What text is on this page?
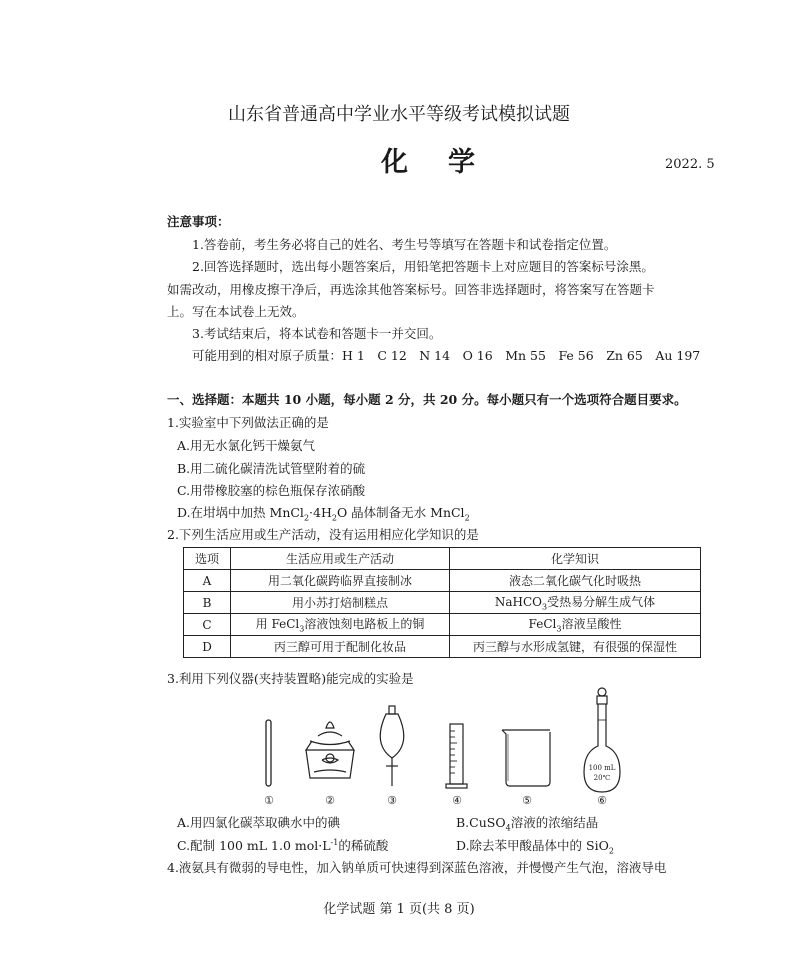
山东省普通高中学业水平等级考试模拟试题
化学	2022. 5
注意事项：
1.答卷前，考生务必将自己的姓名、考生号等填写在答题卡和试卷指定位置。
2.回答选择题时，选出每小题答案后，用铅笔把答题卡上对应题目的答案标号涂黑。
如需改动，用橡皮擦干净后，再选涂其他答案标号。回答非选择题时，将答案写在答题卡
上。写在本试卷上无效。
3.考试结束后，将本试卷和答题卡一并交回。
可能用到的相对原子质量：H 1　C 12　N 14　O 16　Mn 55　Fe 56　Zn 65　Au 197
一、选择题：本题共 10 小题，每小题 2 分，共 20 分。每小题只有一个选项符合题目要求。
1.实验室中下列做法正确的是
A.用无水氯化钙干燥氨气
B.用二硫化碳清洗试管壁附着的硫
C.用带橡胶塞的棕色瓶保存浓硝酸
D.在坩埚中加热 $MnCl_2\cdot 4H_2O$ 晶体制备无水 MnCl$_2$
2.下列生活应用或生产活动，没有运用相应化学知识的是
选项	生活应用或生产活动	化学知识
A	用二氧化碳跨临界直接制冰	液态二氧化碳气化时吸热
B	用小苏打焙制糕点	NaHCO$_3$受热易分解生成气体
C	用 FeCl$_3$溶液蚀刻电路板上的铜	FeCl$_3$溶液呈酸性
D	丙三醇可用于配制化妆品	丙三醇与水形成氢键，有很强的保湿性
3.利用下列仪器(夹持装置略)能完成的实验是
100 mL
20℃
①	②	③	④	⑤	⑥
A.用四氯化碳萃取碘水中的碘	B.CuSO$_4$溶液的浓缩结晶
C.配制 100 mL 1.0 $mol\cdot L^{-1}$的稀硫酸	D.除去苯甲酸晶体中的 SiO$_2$
4.液氨具有微弱的导电性，加入钠单质可快速得到深蓝色溶液，并慢慢产生气泡，溶液导电
化学试题 第 1 页(共 8 页)
